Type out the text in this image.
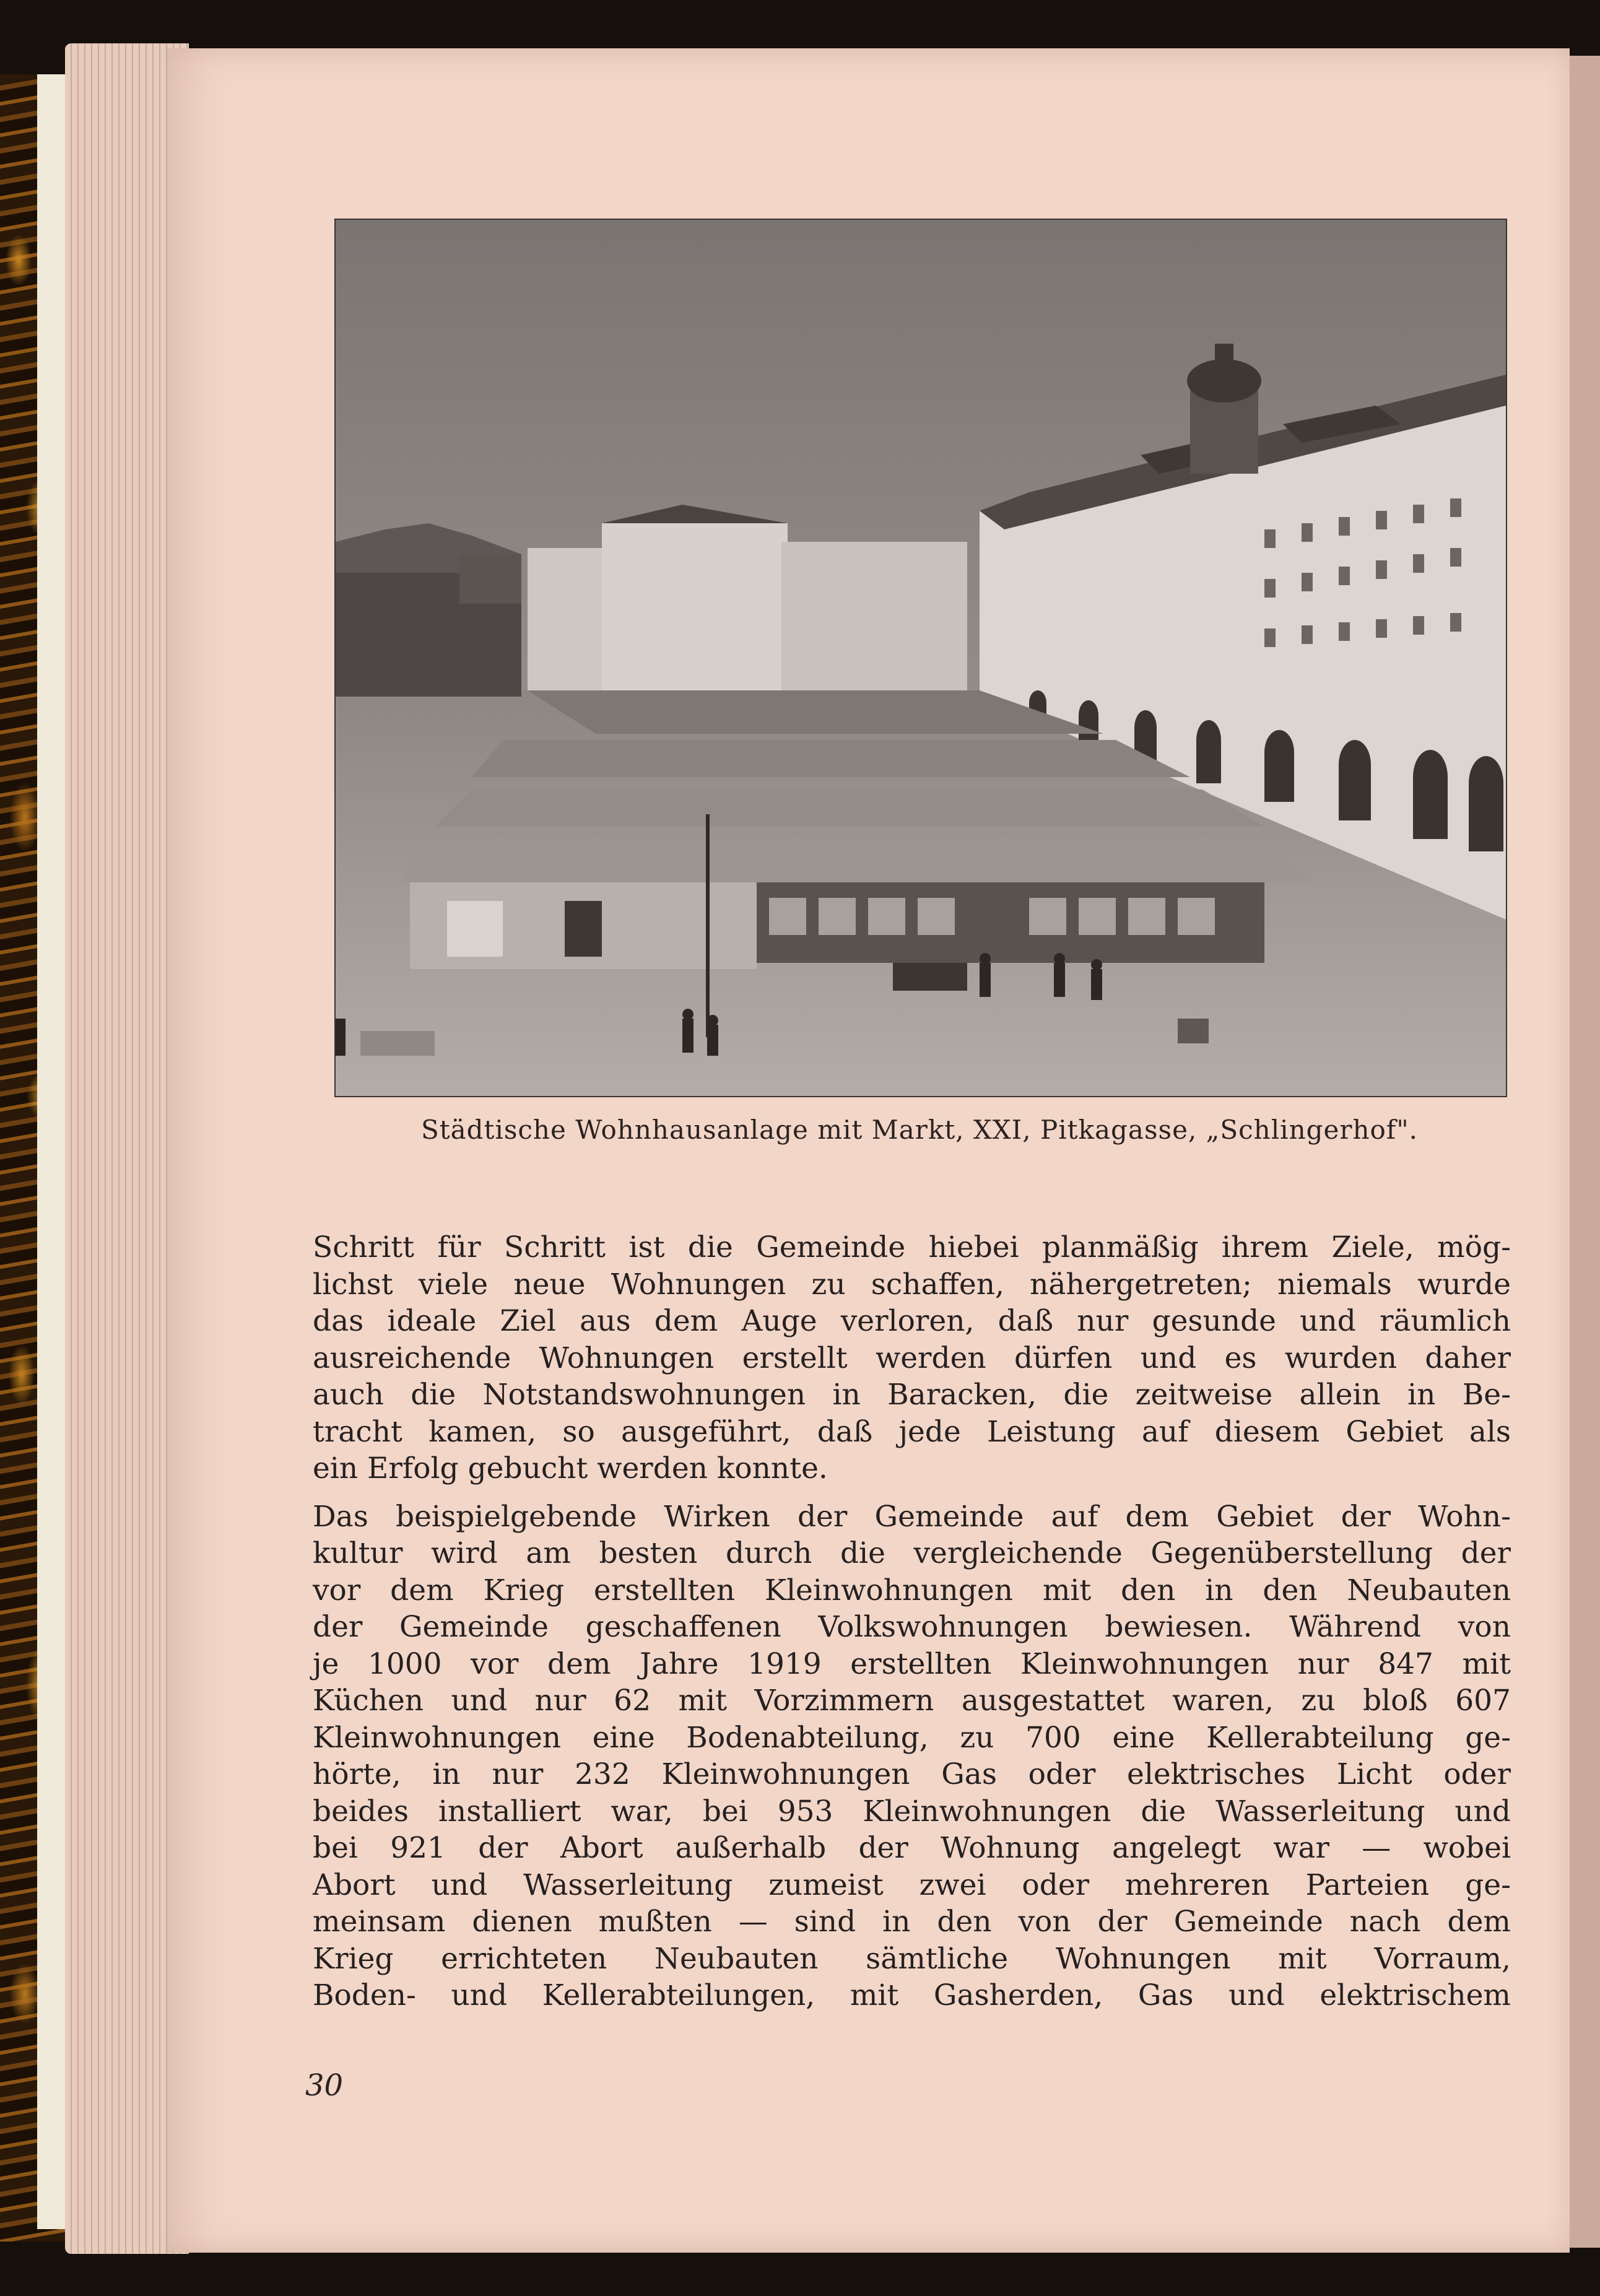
Städtische Wohnhausanlage mit Markt, XXI, Pitkagasse, „Schlingerhof".
Schritt für Schritt ist die Gemeinde hiebei planmäßig ihrem Ziele, mög-
lichst viele neue Wohnungen zu schaffen, nähergetreten; niemals wurde
das ideale Ziel aus dem Auge verloren, daß nur gesunde und räumlich
ausreichende Wohnungen erstellt werden dürfen und es wurden daher
auch die Notstandswohnungen in Baracken, die zeitweise allein in Be-
tracht kamen, so ausgeführt, daß jede Leistung auf diesem Gebiet als
ein Erfolg gebucht werden konnte.
Das beispielgebende Wirken der Gemeinde auf dem Gebiet der Wohn-
kultur wird am besten durch die vergleichende Gegenüberstellung der
vor dem Krieg erstellten Kleinwohnungen mit den in den Neubauten
der Gemeinde geschaffenen Volkswohnungen bewiesen. Während von
je 1000 vor dem Jahre 1919 erstellten Kleinwohnungen nur 847 mit
Küchen und nur 62 mit Vorzimmern ausgestattet waren, zu bloß 607
Kleinwohnungen eine Bodenabteilung, zu 700 eine Kellerabteilung ge-
hörte, in nur 232 Kleinwohnungen Gas oder elektrisches Licht oder
beides installiert war, bei 953 Kleinwohnungen die Wasserleitung und
bei 921 der Abort außerhalb der Wohnung angelegt war — wobei
Abort und Wasserleitung zumeist zwei oder mehreren Parteien ge-
meinsam dienen mußten — sind in den von der Gemeinde nach dem
Krieg errichteten Neubauten sämtliche Wohnungen mit Vorraum,
Boden- und Kellerabteilungen, mit Gasherden, Gas und elektrischem
30
